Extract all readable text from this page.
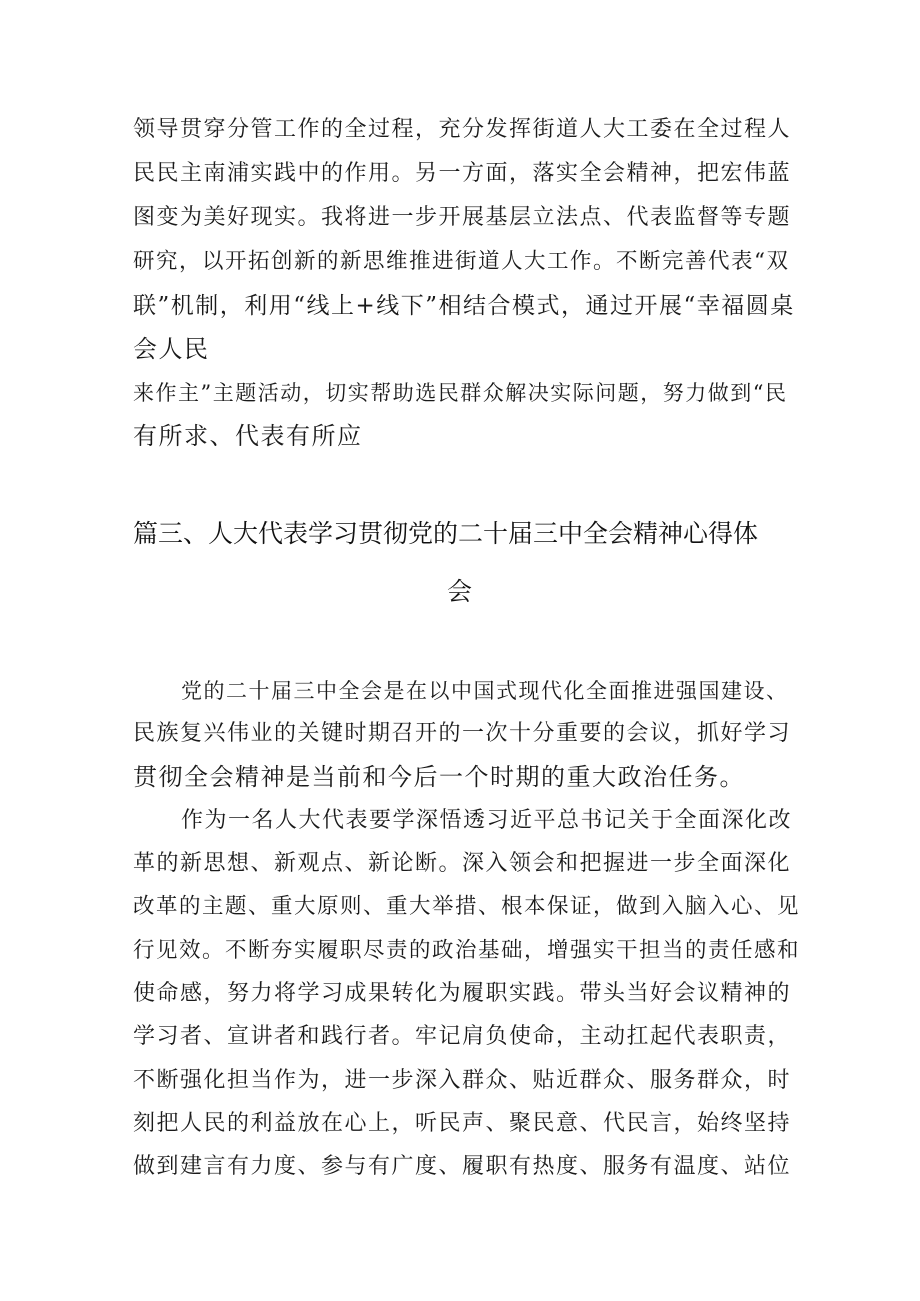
领导贯穿分管工作的全过程，充分发挥街道人大工委在全过程人
民民主南浦实践中的作用。另一方面，落实全会精神，把宏伟蓝
图变为美好现实。我将进一步开展基层立法点、代表监督等专题
研究，以开拓创新的新思维推进街道人大工作。不断完善代表“双
联”机制，利用“线上+线下”相结合模式，通过开展“幸福圆桌
会人民
来作主”主题活动，切实帮助选民群众解决实际问题，努力做到“民
有所求、代表有所应
篇三、人大代表学习贯彻党的二十届三中全会精神心得体
会
党的二十届三中全会是在以中国式现代化全面推进强国建设、
民族复兴伟业的关键时期召开的一次十分重要的会议，抓好学习
贯彻全会精神是当前和今后一个时期的重大政治任务。
作为一名人大代表要学深悟透习近平总书记关于全面深化改
革的新思想、新观点、新论断。深入领会和把握进一步全面深化
改革的主题、重大原则、重大举措、根本保证，做到入脑入心、见
行见效。不断夯实履职尽责的政治基础，增强实干担当的责任感和
使命感，努力将学习成果转化为履职实践。带头当好会议精神的
学习者、宣讲者和践行者。牢记肩负使命，主动扛起代表职责，
不断强化担当作为，进一步深入群众、贴近群众、服务群众，时
刻把人民的利益放在心上，听民声、聚民意、代民言，始终坚持
做到建言有力度、参与有广度、履职有热度、服务有温度、站位
